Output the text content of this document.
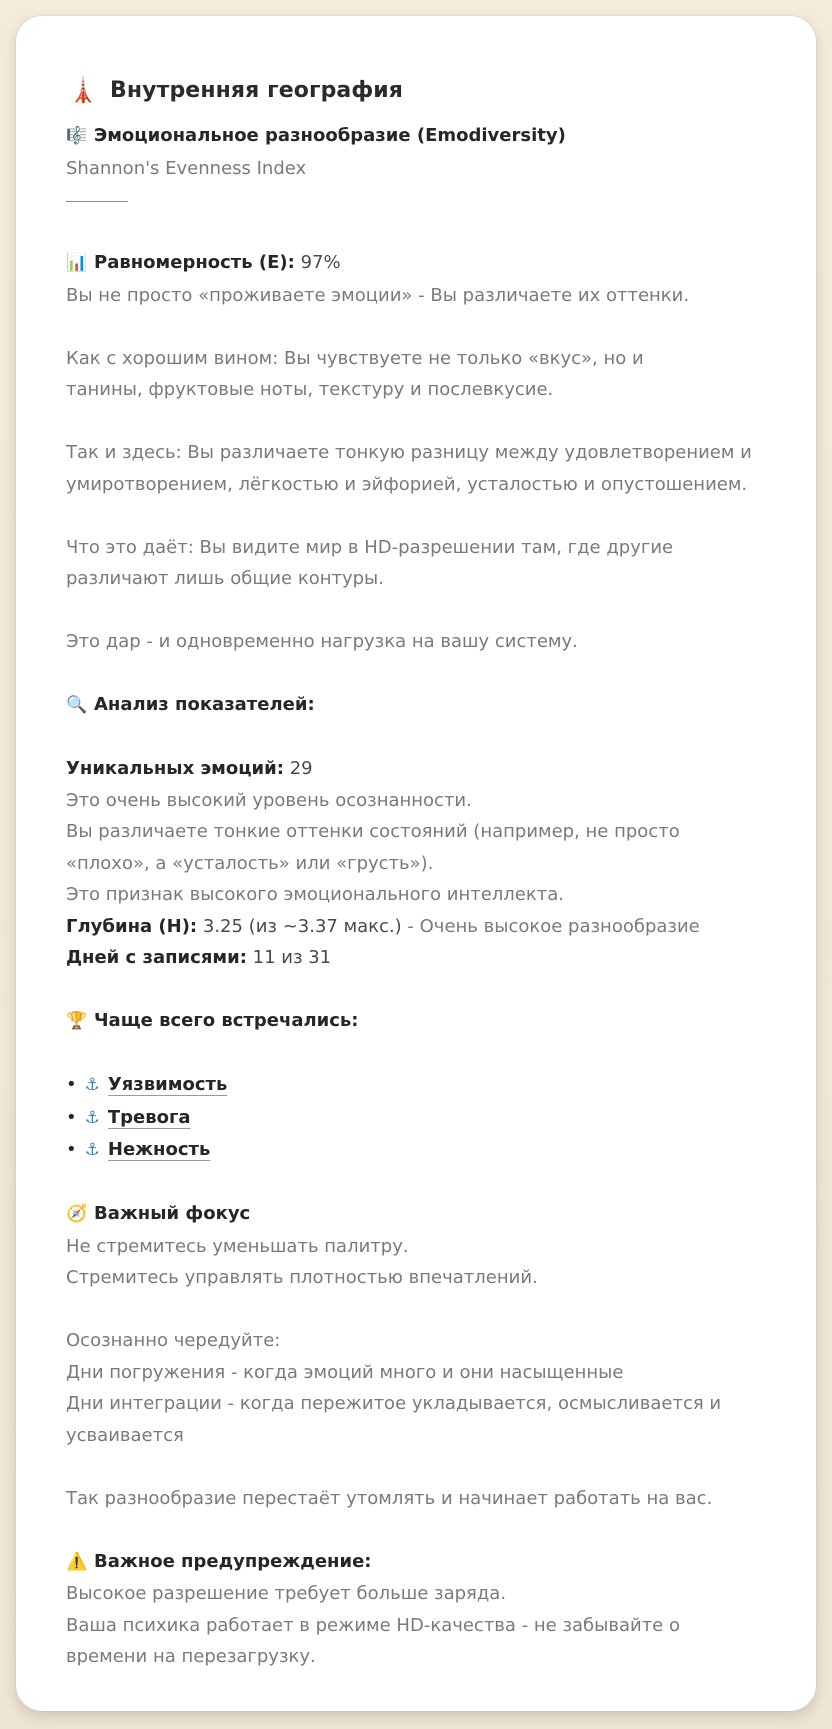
🗼 Внутренняя география
🎼 Эмоциональное разнообразие (Emodiversity)
Shannon's Evenness Index
📊 Равномерность (E): 97%
Вы не просто «проживаете эмоции» - Вы различаете их оттенки.
Как с хорошим вином: Вы чувствуете не только «вкус», но и танины, фруктовые ноты, текстуру и послевкусие.
Так и здесь: Вы различаете тонкую разницу между удовлетворением и умиротворением, лёгкостью и эйфорией, усталостью и опустошением.
Что это даёт: Вы видите мир в HD-разрешении там, где другие различают лишь общие контуры.
Это дар - и одновременно нагрузка на вашу систему.
🔍 Анализ показателей:
Уникальных эмоций: 29
Это очень высокий уровень осознанности.
Вы различаете тонкие оттенки состояний (например, не просто «плохо», а «усталость» или «грусть»).
Это признак высокого эмоционального интеллекта.
Глубина (H): 3.25 (из ~3.37 макс.) - Очень высокое разнообразие
Дней с записями: 11 из 31
🏆 Чаще всего встречались:
• ⚓ Уязвимость
• ⚓ Тревога
• ⚓ Нежность
🧭 Важный фокус
Не стремитесь уменьшать палитру.
Стремитесь управлять плотностью впечатлений.
Осознанно чередуйте:
Дни погружения - когда эмоций много и они насыщенные
Дни интеграции - когда пережитое укладывается, осмысливается и усваивается
Так разнообразие перестаёт утомлять и начинает работать на вас.
⚠️ Важное предупреждение:
Высокое разрешение требует больше заряда.
Ваша психика работает в режиме HD-качества - не забывайте о времени на перезагрузку.
